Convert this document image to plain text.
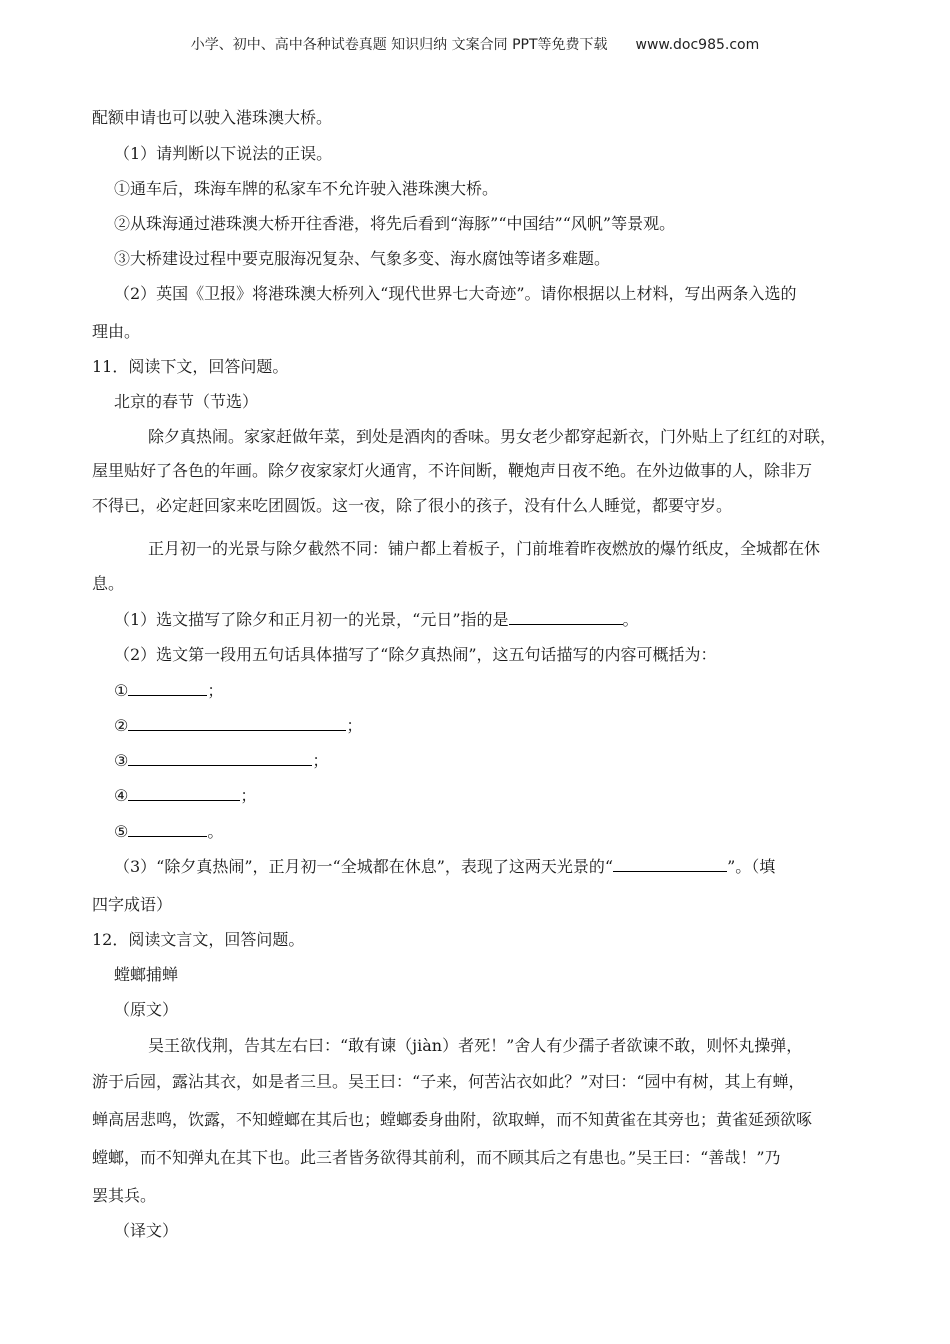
小学、初中、高中各种试卷真题 知识归纳 文案合同 PPT等免费下载 www.doc985.com
配额申请也可以驶入港珠澳大桥。
（1）请判断以下说法的正误。
①通车后，珠海车牌的私家车不允许驶入港珠澳大桥。
②从珠海通过港珠澳大桥开往香港，将先后看到“海豚”“中国结”“风帆”等景观。
③大桥建设过程中要克服海况复杂、气象多变、海水腐蚀等诸多难题。
（2）英国《卫报》将港珠澳大桥列入“现代世界七大奇迹”。请你根据以上材料，写出两条入选的
理由。
11．阅读下文，回答问题。
北京的春节（节选）
除夕真热闹。家家赶做年菜，到处是酒肉的香味。男女老少都穿起新衣，门外贴上了红红的对联，
屋里贴好了各色的年画。除夕夜家家灯火通宵，不许间断，鞭炮声日夜不绝。在外边做事的人，除非万
不得已，必定赶回家来吃团圆饭。这一夜，除了很小的孩子，没有什么人睡觉，都要守岁。
正月初一的光景与除夕截然不同：铺户都上着板子，门前堆着昨夜燃放的爆竹纸皮，全城都在休
息。
（1）选文描写了除夕和正月初一的光景，“元日”指的是	。
（2）选文第一段用五句话具体描写了“除夕真热闹”，这五句话描写的内容可概括为：
①	；
②	；
③	；
④	；
⑤	。
（3）“除夕真热闹”，正月初一“全城都在休息”，表现了这两天光景的“	”。（填
四字成语）
12．阅读文言文，回答问题。
螳螂捕蝉
（原文）
吴王欲伐荆，告其左右曰：“敢有谏（jiàn）者死！”舍人有少孺子者欲谏不敢，则怀丸操弹，
游于后园，露沾其衣，如是者三旦。吴王曰：“子来，何苦沾衣如此？”对曰：“园中有树，其上有蝉，
蝉高居悲鸣，饮露，不知螳螂在其后也；螳螂委身曲附，欲取蝉，而不知黄雀在其旁也；黄雀延颈欲啄
螳螂，而不知弹丸在其下也。此三者皆务欲得其前利，而不顾其后之有患也。”吴王曰：“善哉！”乃
罢其兵。
（译文）
